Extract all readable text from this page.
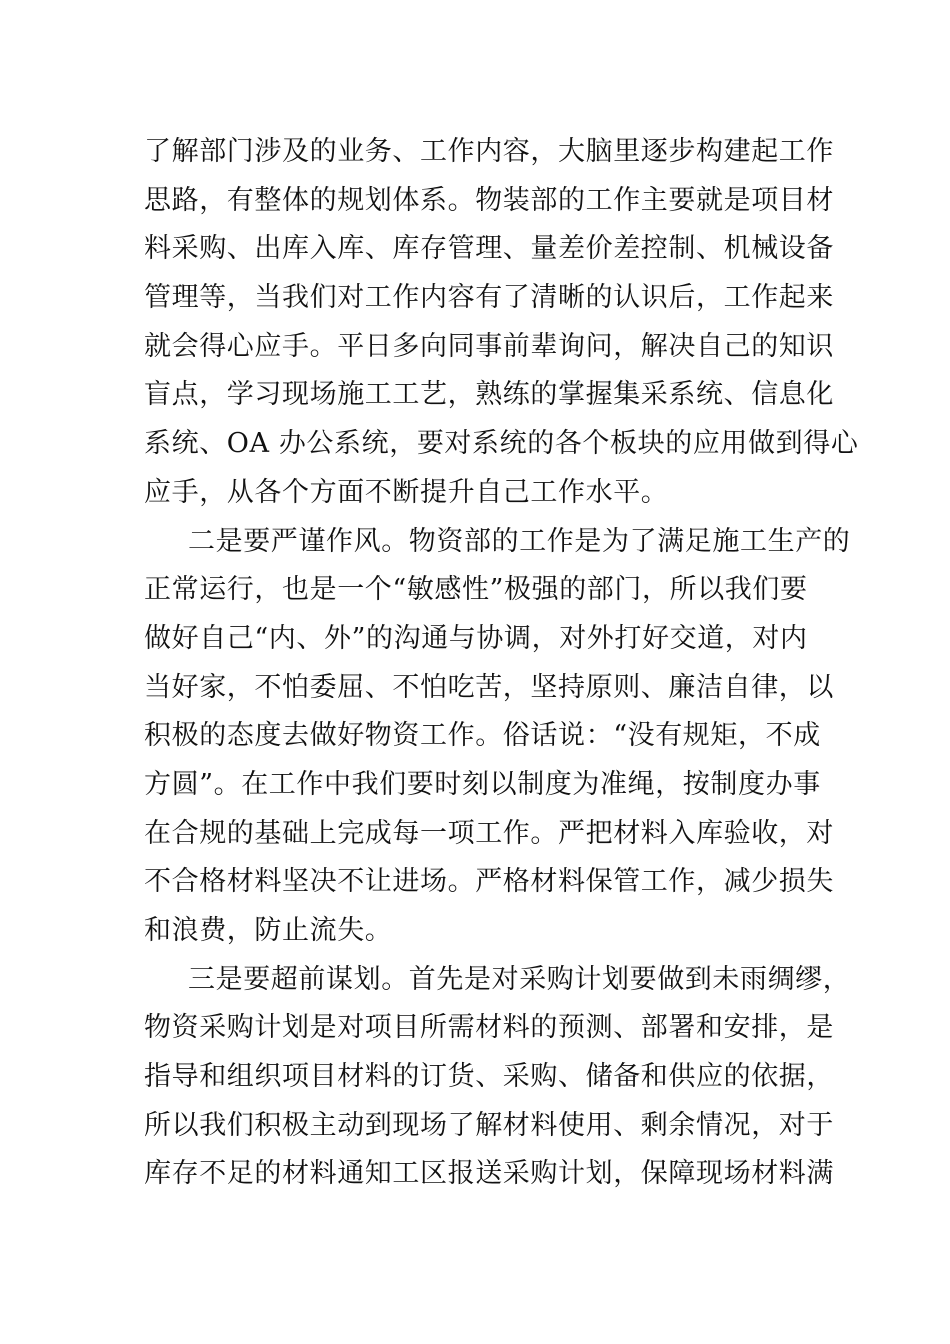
了解部门涉及的业务、工作内容，大脑里逐步构建起工作
思路，有整体的规划体系。物装部的工作主要就是项目材
料采购、出库入库、库存管理、量差价差控制、机械设备
管理等，当我们对工作内容有了清晰的认识后，工作起来
就会得心应手。平日多向同事前辈询问，解决自己的知识
盲点，学习现场施工工艺，熟练的掌握集采系统、信息化
系统、OA 办公系统，要对系统的各个板块的应用做到得心
应手，从各个方面不断提升自己工作水平。
二是要严谨作风。物资部的工作是为了满足施工生产的
正常运行，也是一个“敏感性”极强的部门，所以我们要
做好自己“内、外”的沟通与协调，对外打好交道，对内
当好家，不怕委屈、不怕吃苦，坚持原则、廉洁自律，以
积极的态度去做好物资工作。俗话说：“没有规矩，不成
方圆”。在工作中我们要时刻以制度为准绳，按制度办事
在合规的基础上完成每一项工作。严把材料入库验收，对
不合格材料坚决不让进场。严格材料保管工作，减少损失
和浪费，防止流失。
三是要超前谋划。首先是对采购计划要做到未雨绸缪，
物资采购计划是对项目所需材料的预测、部署和安排，是
指导和组织项目材料的订货、采购、储备和供应的依据，
所以我们积极主动到现场了解材料使用、剩余情况，对于
库存不足的材料通知工区报送采购计划，保障现场材料满
